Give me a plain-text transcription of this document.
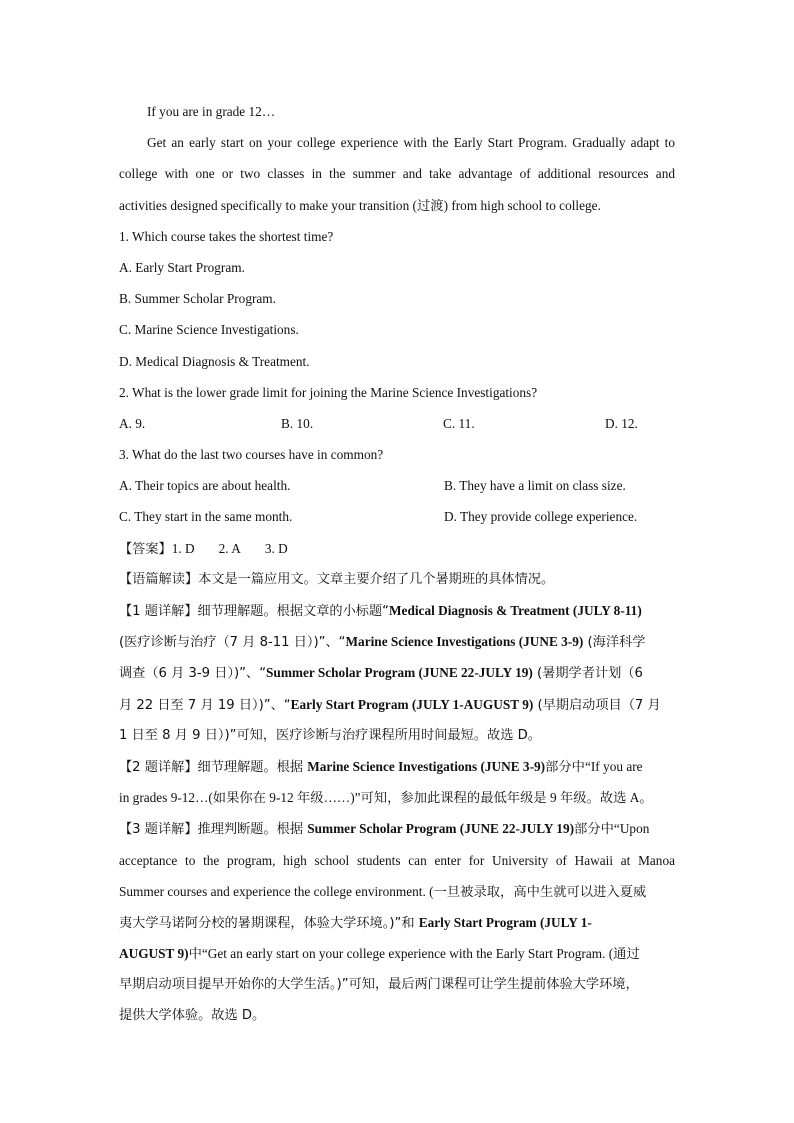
If you are in grade 12…
Get an early start on your college experience with the Early Start Program. Gradually adapt to
college with one or two classes in the summer and take advantage of additional resources and
activities designed specifically to make your transition (过渡) from high school to college.
1. Which course takes the shortest time?
A. Early Start Program.
B. Summer Scholar Program.
C. Marine Science Investigations.
D. Medical Diagnosis & Treatment.
2. What is the lower grade limit for joining the Marine Science Investigations?
A. 9.	B. 10.	C. 11.	D. 12.
3. What do the last two courses have in common?
A. Their topics are about health.	B. They have a limit on class size.
C. They start in the same month.	D. They provide college experience.
【答案】1. D 2. A 3. D
【语篇解读】本文是一篇应用文。文章主要介绍了几个暑期班的具体情况。
【1 题详解】细节理解题。根据文章的小标题“Medical Diagnosis & Treatment (JULY 8-11)
(医疗诊断与治疗（7 月 8-11 日）)”、“Marine Science Investigations (JUNE 3-9) (海洋科学
调查（6 月 3-9 日）)”、“Summer Scholar Program (JUNE 22-JULY 19) (暑期学者计划（6
月 22 日至 7 月 19 日）)”、“Early Start Program (JULY 1-AUGUST 9) (早期启动项目（7 月
1 日至 8 月 9 日）)”可知，医疗诊断与治疗课程所用时间最短。故选 D。
【2 题详解】细节理解题。根据 Marine Science Investigations (JUNE 3-9)部分中“If you are
in grades 9-12…(如果你在 9-12 年级……)”可知，参加此课程的最低年级是 9 年级。故选 A。
【3 题详解】推理判断题。根据 Summer Scholar Program (JUNE 22-JULY 19)部分中“Upon
acceptance to the program, high school students can enter for University of Hawaii at Manoa
Summer courses and experience the college environment. (一旦被录取，高中生就可以进入夏威
夷大学马诺阿分校的暑期课程，体验大学环境。)”和 Early Start Program (JULY 1-
AUGUST 9)中“Get an early start on your college experience with the Early Start Program. (通过
早期启动项目提早开始你的大学生活。)”可知，最后两门课程可让学生提前体验大学环境，
提供大学体验。故选 D。
